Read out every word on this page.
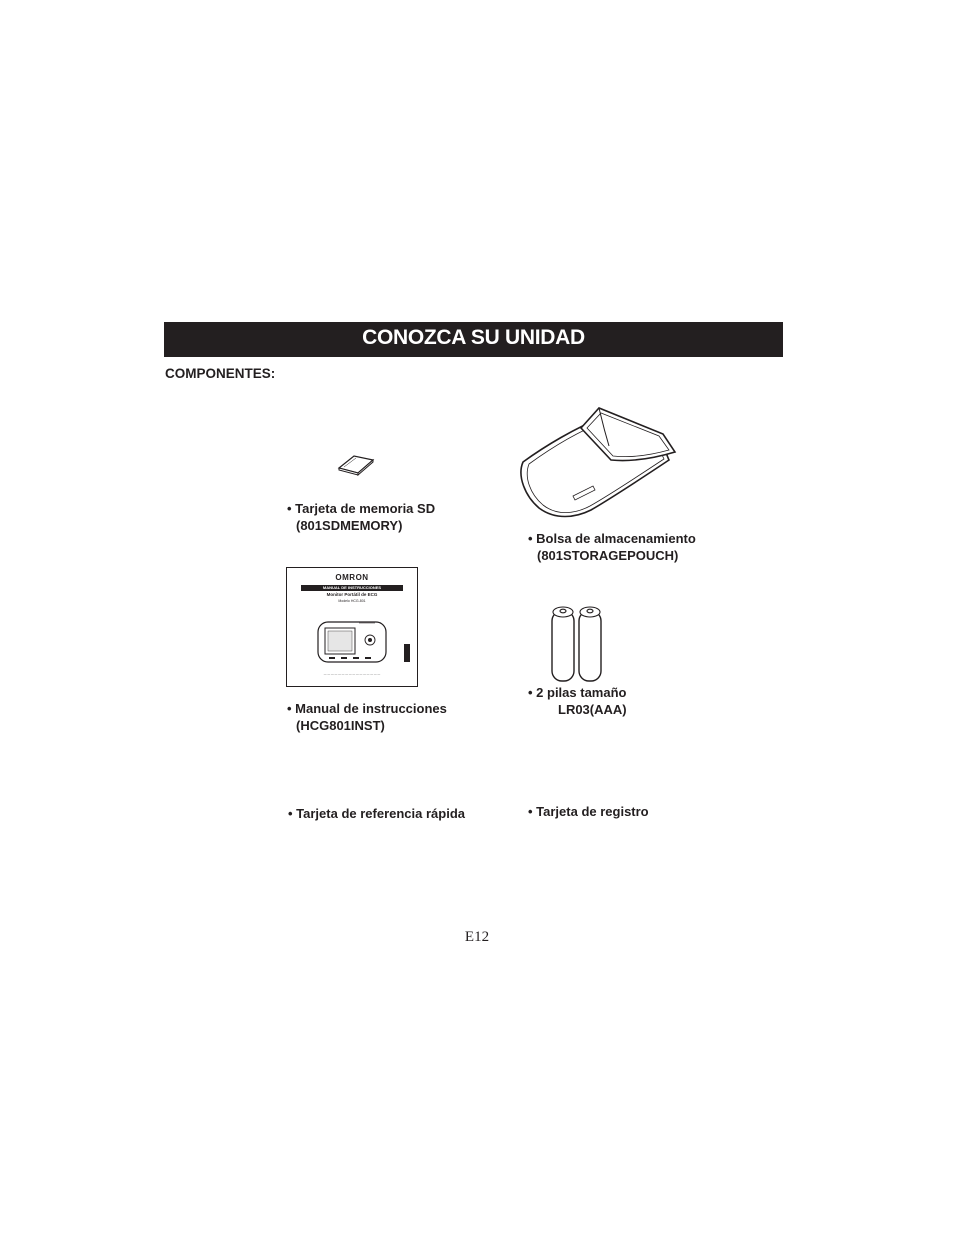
CONOZCA SU UNIDAD
COMPONENTES:
• Tarjeta de memoria SD
(801SDMEMORY)
• Bolsa de almacenamiento
(801STORAGEPOUCH)
OMRON
MANUAL DE INSTRUCCIONES
Monitor Portátil de ECG
Modelo HCG-801
— — — — — — — — — — — — — — — —
• Manual de instrucciones
(HCG801INST)
• 2 pilas tamaño
LR03(AAA)
• Tarjeta de referencia rápida	• Tarjeta de registro
E12
